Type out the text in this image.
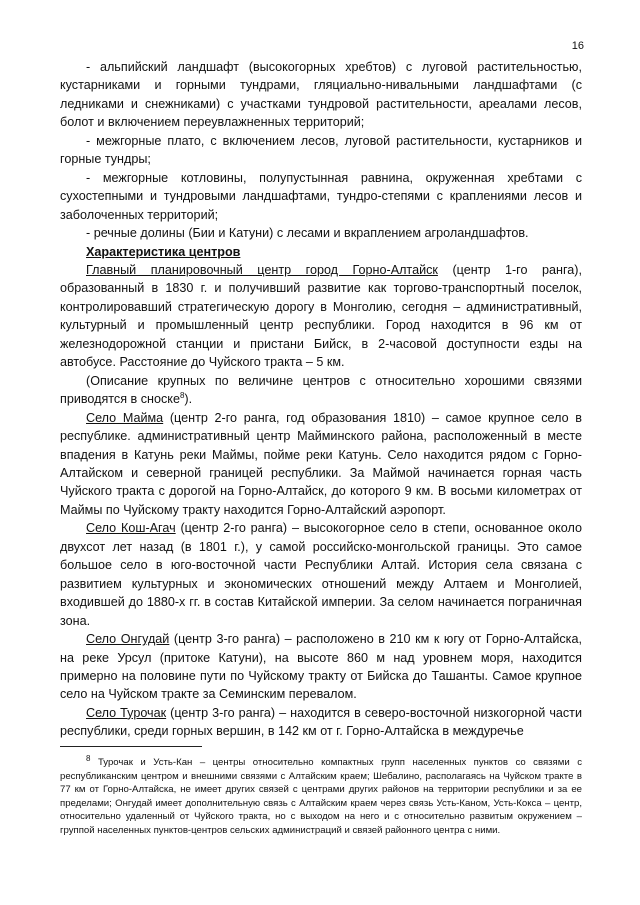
16

- альпийский ландшафт (высокогорных хребтов) с луговой растительностью, кустарниками и горными тундрами, гляциально-нивальными ландшафтами (с ледниками и снежниками) с участками тундровой растительности, ареалами лесов, болот и включением переувлажненных территорий;

- межгорные плато, с включением лесов, луговой растительности, кустарников и горные тундры;

- межгорные котловины, полупустынная равнина, окруженная хребтами с сухостепными и тундровыми ландшафтами, тундро-степями с краплениями лесов и заболоченных территорий;

- речные долины (Бии и Катуни) с лесами и вкраплением агроландшафтов.

Характеристика центров

Главный планировочный центр город Горно-Алтайск (центр 1-го ранга), образованный в 1830 г. и получивший развитие как торгово-транспортный поселок, контролировавший стратегическую дорогу в Монголию, сегодня – административный, культурный и промышленный центр республики. Город находится в 96 км от железнодорожной станции и пристани Бийск, в 2-часовой доступности езды на автобусе. Расстояние до Чуйского тракта – 5 км.

(Описание крупных по величине центров с относительно хорошими связями приводятся в сноске$^8$).

Село Майма (центр 2-го ранга, год образования 1810) – самое крупное село в республике. административный центр Майминского района, расположенный в месте впадения в Катунь реки Маймы, пойме реки Катунь. Село находится рядом с Горно-Алтайском и северной границей республики. За Маймой начинается горная часть Чуйского тракта с дорогой на Горно-Алтайск, до которого 9 км. В восьми километрах от Маймы по Чуйскому тракту находится Горно-Алтайский аэропорт.

Село Кош-Агач (центр 2-го ранга) – высокогорное село в степи, основанное около двухсот лет назад (в 1801 г.), у самой российско-монгольской границы. Это самое большое село в юго-восточной части Республики Алтай. История села связана с развитием культурных и экономических отношений между Алтаем и Монголией, входившей до 1880-х гг. в состав Китайской империи. За селом начинается пограничная зона.

Село Онгудай (центр 3-го ранга) – расположено в 210 км к югу от Горно-Алтайска, на реке Урсул (притоке Катуни), на высоте 860 м над уровнем моря, находится примерно на половине пути по Чуйскому тракту от Бийска до Ташанты. Самое крупное село на Чуйском тракте за Семинским перевалом.

Село Турочак (центр 3-го ранга) – находится в северо-восточной низкогорной части республики, среди горных вершин, в 142 км от г. Горно-Алтайска в междуречье

$^8$ Турочак и Усть-Кан – центры относительно компактных групп населенных пунктов со связями с республиканским центром и внешними связями с Алтайским краем; Шебалино, располагаясь на Чуйском тракте в 77 км от Горно-Алтайска, не имеет других связей с центрами других районов на территории республики и за ее пределами; Онгудай имеет дополнительную связь с Алтайским краем через связь Усть-Каном, Усть-Кокса – центр, относительно удаленный от Чуйского тракта, но с выходом на него и с относительно развитым окружением – группой населенных пунктов-центров сельских администраций и связей районного центра с ними.
